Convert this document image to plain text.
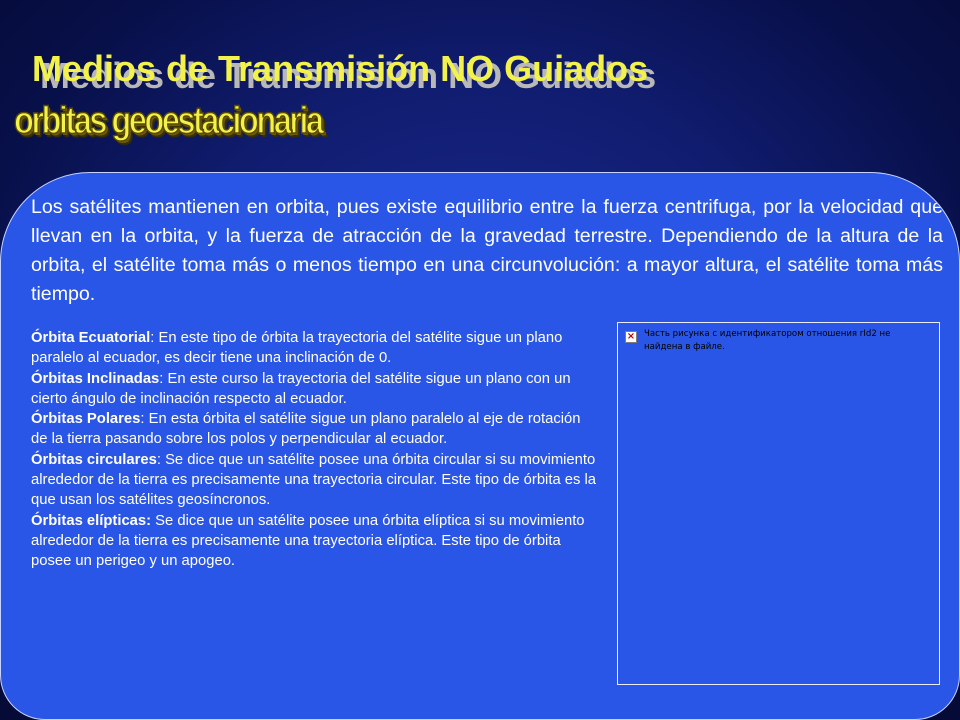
Medios de Transmisión NO Guiados
orbitas geoestacionaria

Los satélites mantienen en orbita, pues existe equilibrio entre la fuerza centrifuga, por la velocidad que llevan en la orbita, y la fuerza de atracción de la gravedad terrestre. Dependiendo de la altura de la orbita, el satélite toma más o menos tiempo en una circunvolución: a mayor altura, el satélite toma más tiempo.

Órbita Ecuatorial: En este tipo de órbita la trayectoria del satélite sigue un plano paralelo al ecuador, es decir tiene una inclinación de 0.

Órbitas Inclinadas: En este curso la trayectoria del satélite sigue un plano con un cierto ángulo de inclinación respecto al ecuador.

Órbitas Polares: En esta órbita el satélite sigue un plano paralelo al eje de rotación de la tierra pasando sobre los polos y perpendicular al ecuador.

Órbitas circulares: Se dice que un satélite posee una órbita circular si su movimiento alrededor de la tierra es precisamente una trayectoria circular. Este tipo de órbita es la que usan los satélites geosíncronos.

Órbitas elípticas: Se dice que un satélite posee una órbita elíptica si su movimiento alrededor de la tierra es precisamente una trayectoria elíptica. Este tipo de órbita posee un perigeo y un apogeo.

× Часть рисунка с идентификатором отношения rId2 не найдена в файле.
